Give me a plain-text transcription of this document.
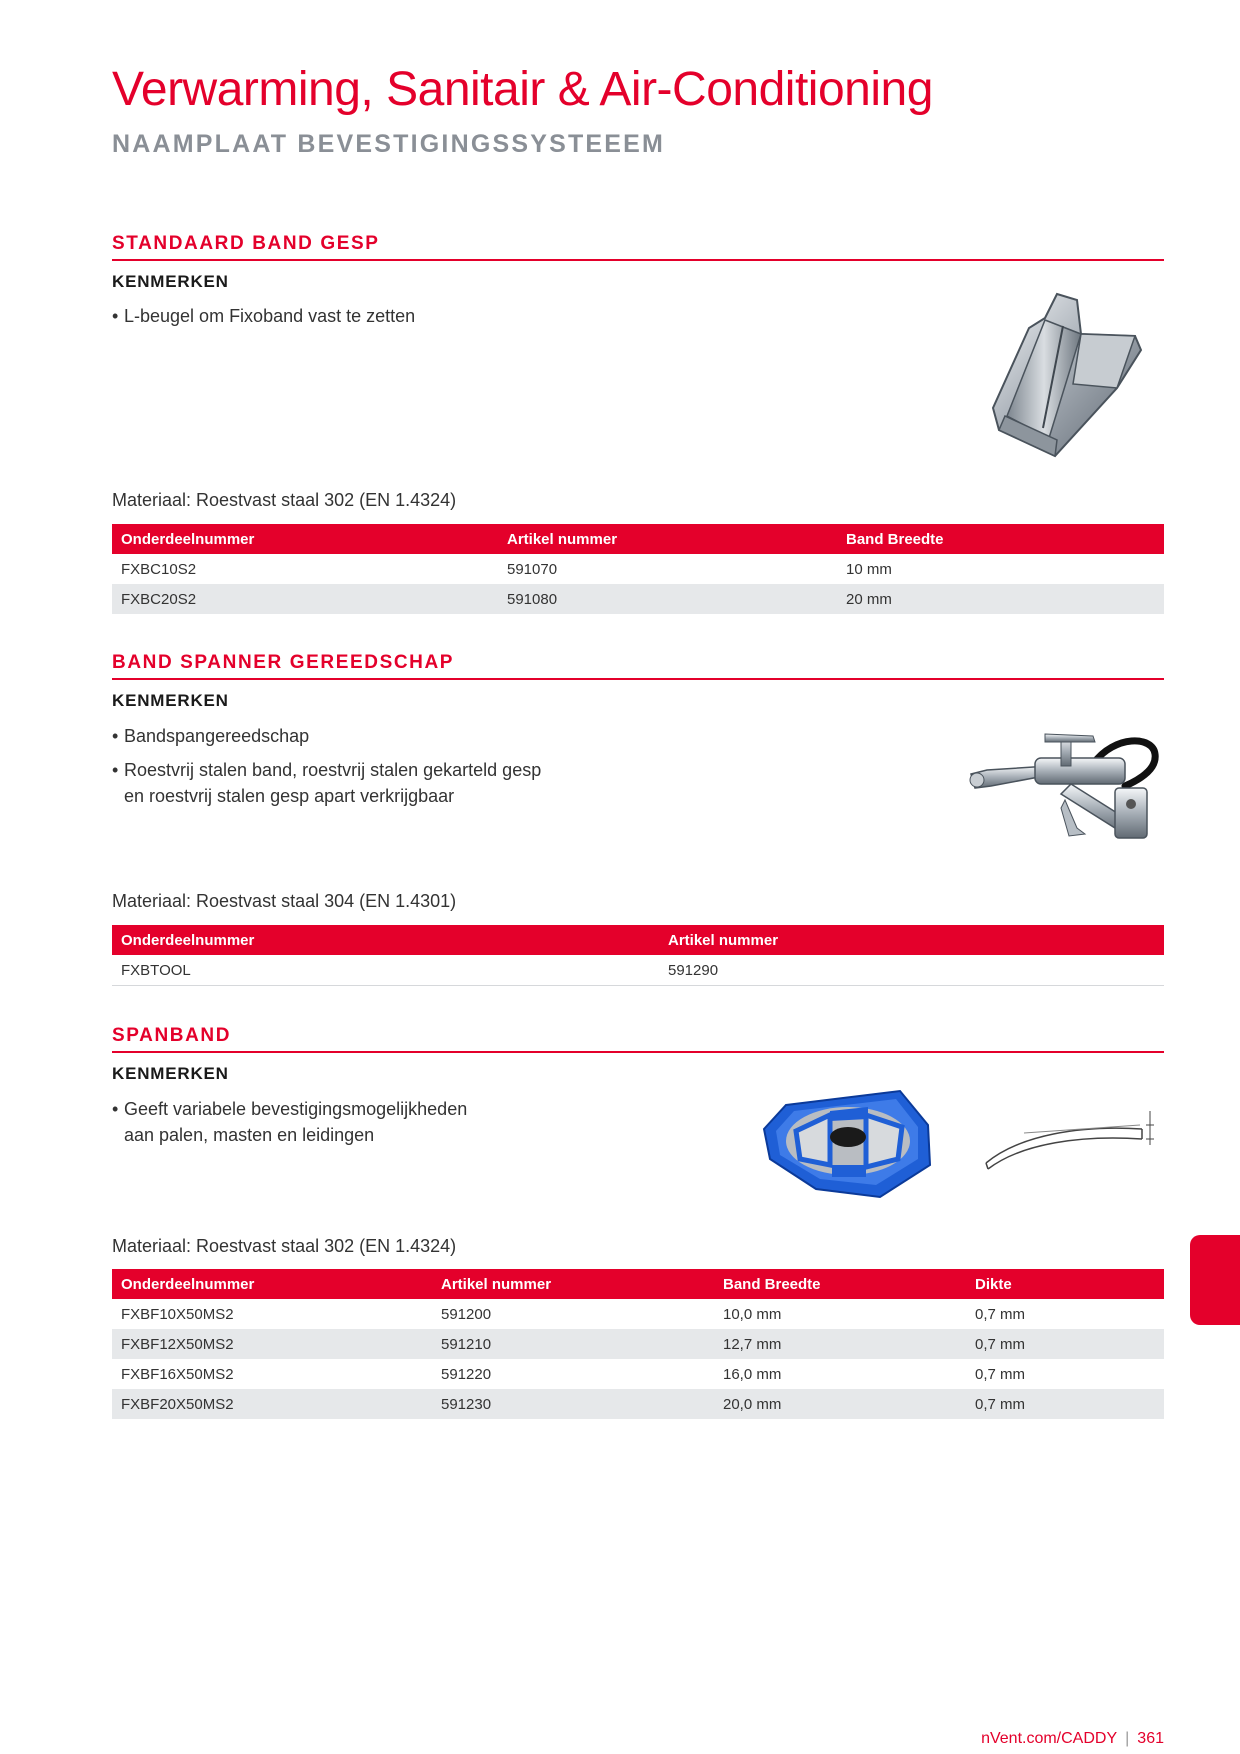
Verwarming, Sanitair & Air-Conditioning
NAAMPLAAT BEVESTIGINGSSYSTEEEM
STANDAARD BAND GESP
KENMERKEN
• L-beugel om Fixoband vast te zetten
Materiaal: Roestvast staal 302 (EN 1.4324)
Onderdeelnummer	Artikel nummer	Band Breedte
FXBC10S2	591070	10 mm
FXBC20S2	591080	20 mm
BAND SPANNER GEREEDSCHAP
KENMERKEN
• Bandspangereedschap
• Roestvrij stalen band, roestvrij stalen gekarteld gesp
en roestvrij stalen gesp apart verkrijgbaar
Materiaal: Roestvast staal 304 (EN 1.4301)
Onderdeelnummer	Artikel nummer
FXBTOOL	591290
SPANBAND
KENMERKEN
• Geeft variabele bevestigingsmogelijkheden
aan palen, masten en leidingen
Materiaal: Roestvast staal 302 (EN 1.4324)
Onderdeelnummer	Artikel nummer	Band Breedte	Dikte
FXBF10X50MS2	591200	10,0 mm	0,7 mm
FXBF12X50MS2	591210	12,7 mm	0,7 mm
FXBF16X50MS2	591220	16,0 mm	0,7 mm
FXBF20X50MS2	591230	20,0 mm	0,7 mm
nVent.com/CADDY | 361
